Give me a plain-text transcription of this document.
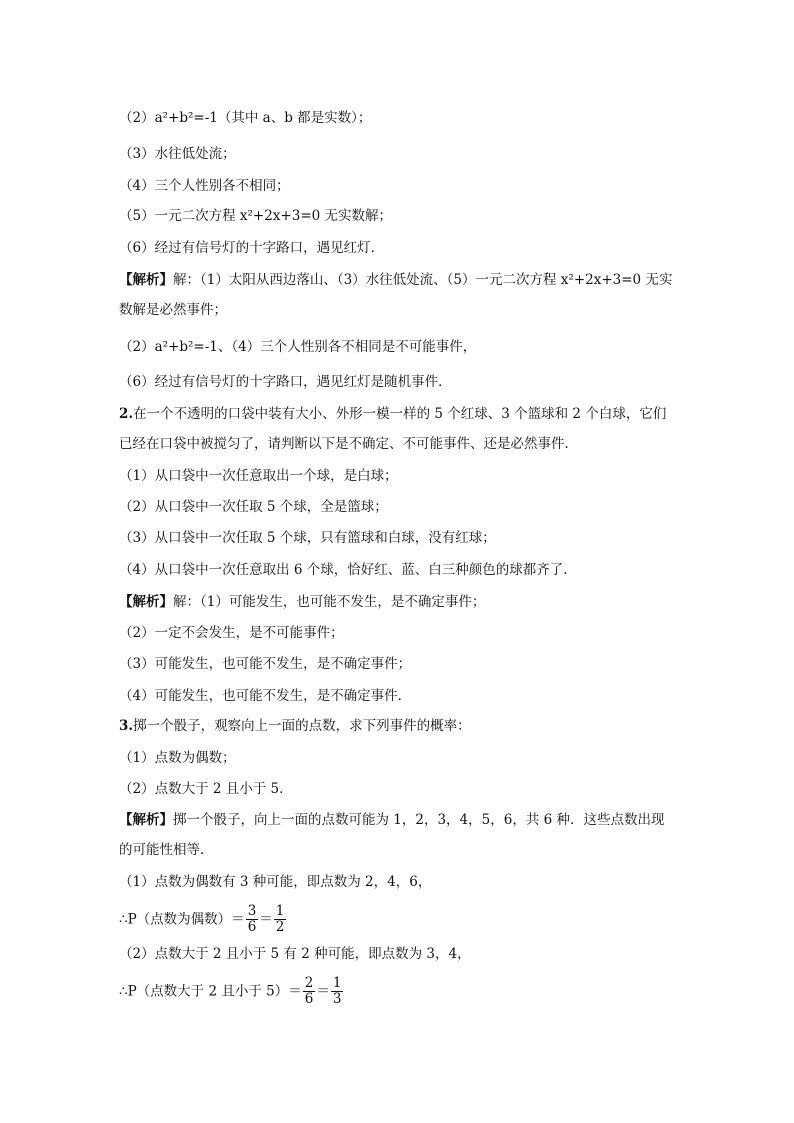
（2）a²+b²=-1（其中 a、b 都是实数）；
（3）水往低处流；
（4）三个人性别各不相同；
（5）一元二次方程 x²+2x+3=0 无实数解；
（6）经过有信号灯的十字路口，遇见红灯．
【解析】解：（1）太阳从西边落山、（3）水往低处流、（5）一元二次方程 x²+2x+3=0 无实
数解是必然事件；
（2）a²+b²=-1、（4）三个人性别各不相同是不可能事件，
（6）经过有信号灯的十字路口，遇见红灯是随机事件．
2.在一个不透明的口袋中装有大小、外形一模一样的 5 个红球、3 个篮球和 2 个白球，它们
已经在口袋中被搅匀了，请判断以下是不确定、不可能事件、还是必然事件．
（1）从口袋中一次任意取出一个球，是白球；
（2）从口袋中一次任取 5 个球，全是篮球；
（3）从口袋中一次任取 5 个球，只有篮球和白球，没有红球；
（4）从口袋中一次任意取出 6 个球，恰好红、蓝、白三种颜色的球都齐了．
【解析】解：（1）可能发生，也可能不发生，是不确定事件；
（2）一定不会发生，是不可能事件；
（3）可能发生，也可能不发生，是不确定事件；
（4）可能发生，也可能不发生，是不确定事件．
3.掷一个骰子，观察向上一面的点数，求下列事件的概率：
（1）点数为偶数；
（2）点数大于 2 且小于 5．
【解析】掷一个骰子，向上一面的点数可能为 1，2，3，4，5，6，共 6 种．这些点数出现
的可能性相等．
（1）点数为偶数有 3 种可能，即点数为 2，4，6，
∴P（点数为偶数）＝ $\frac{3}{6} = \frac{1}{2}$
（2）点数大于 2 且小于 5 有 2 种可能，即点数为 3，4，
∴P（点数大于 2 且小于 $5)= \frac{2}{6} = \frac{1}{3}$
